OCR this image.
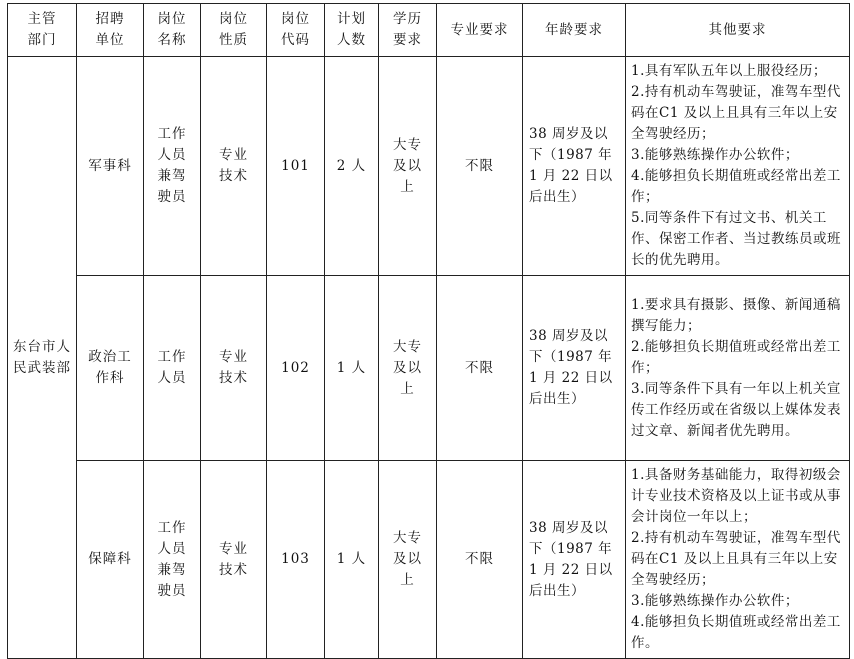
主管部门	招聘单位	岗位名称	岗位性质	岗位代码	计划人数	学历要求	专业要求	年龄要求	其他要求
东台市人民武装部	军事科	工作人员兼驾驶员	专业技术	101	2 人	大专及以上	不限	38 周岁及以下（1987 年 1 月 22 日以后出生）	1.具有军队五年以上服役经历；

2.持有机动车驾驶证，准驾车型代码在C1 及以上且具有三年以上安全驾驶经历；

3.能够熟练操作办公软件；

4.能够担负长期值班或经常出差工作；

5.同等条件下有过文书、机关工作、保密工作者、当过教练员或班长的优先聘用。

	政治工作科	工作人员	专业技术	102	1 人	大专及以上	不限	38 周岁及以下（1987 年 1 月 22 日以后出生）	1.要求具有摄影、摄像、新闻通稿撰写能力；

2.能够担负长期值班或经常出差工作；

3.同等条件下具有一年以上机关宣传工作经历或在省级以上媒体发表过文章、新闻者优先聘用。

	保障科	工作人员兼驾驶员	专业技术	103	1 人	大专及以上	不限	38 周岁及以下（1987 年 1 月 22 日以后出生）	1.具备财务基础能力，取得初级会计专业技术资格及以上证书或从事会计岗位一年以上；

2.持有机动车驾驶证，准驾车型代码在C1 及以上且具有三年以上安全驾驶经历；

3.能够熟练操作办公软件；

4.能够担负长期值班或经常出差工作。
